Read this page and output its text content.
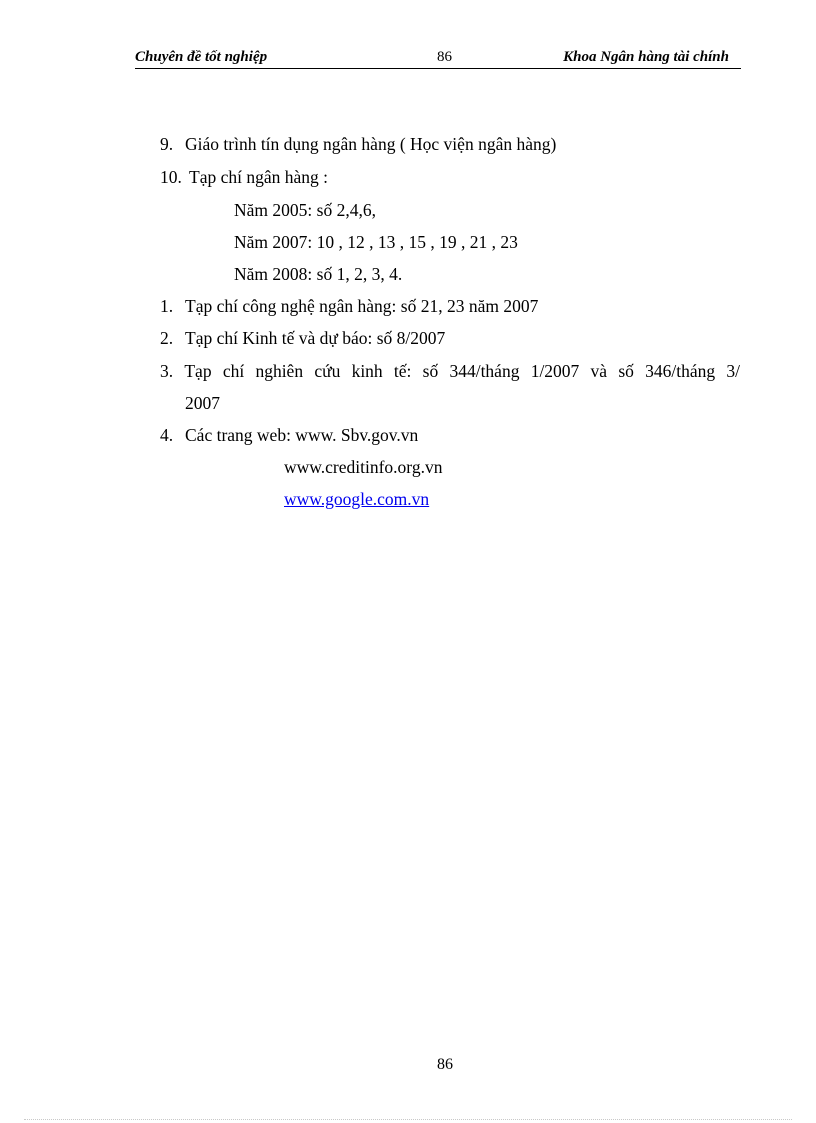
Chuyên đề tốt nghiệp	86	Khoa Ngân hàng tài chính
9. Giáo trình tín dụng ngân hàng ( Học viện ngân hàng)
10. Tạp chí ngân hàng :
Năm 2005: số 2,4,6,
Năm 2007: 10 , 12 , 13 , 15 , 19 , 21 , 23
Năm 2008: số 1, 2, 3, 4.
1. Tạp chí công nghệ ngân hàng: số 21, 23 năm 2007
2. Tạp chí Kinh tế và dự báo: số 8/2007
3. Tạp chí nghiên cứu kinh tế: số 344/tháng 1/2007 và số 346/tháng 3/
2007
4. Các trang web: www. Sbv.gov.vn
www.creditinfo.org.vn
www.google.com.vn
86
